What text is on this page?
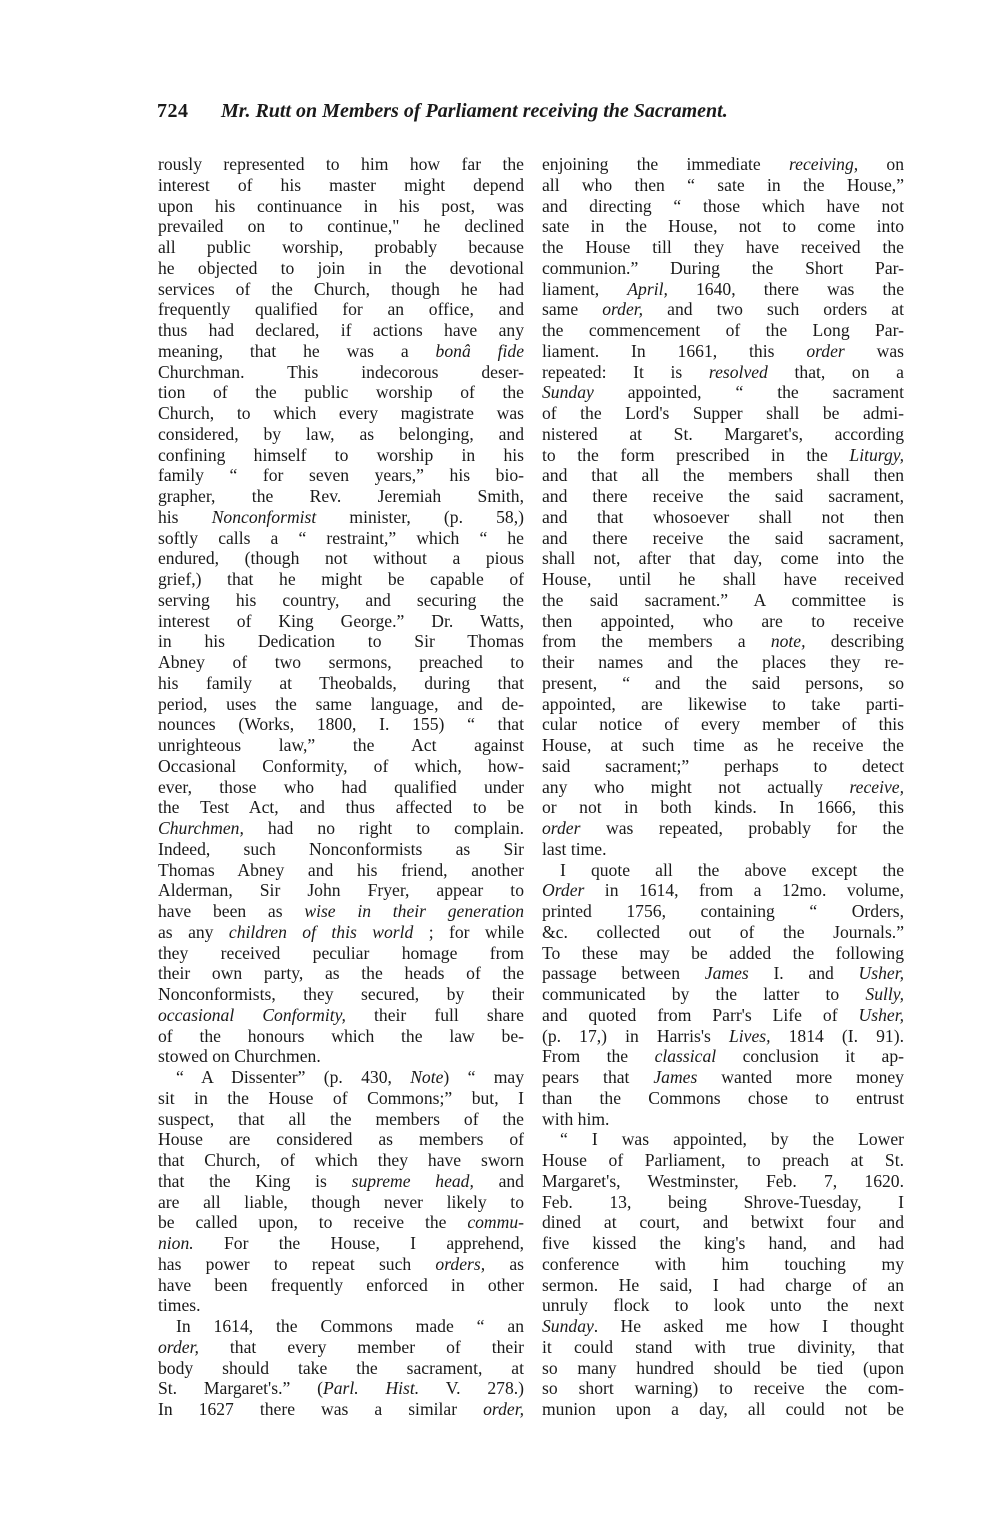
724 Mr. Rutt on Members of Parliament receiving the Sacrament.
rously represented to him how far the
interest of his master might depend
upon his continuance in his post, was
prevailed on to continue," he declined
all public worship, probably because
he objected to join in the devotional
services of the Church, though he had
frequently qualified for an office, and
thus had declared, if actions have any
meaning, that he was a bonâ fide
Churchman. This indecorous deser-
tion of the public worship of the
Church, to which every magistrate was
considered, by law, as belonging, and
confining himself to worship in his
family “ for seven years,” his bio-
grapher, the Rev. Jeremiah Smith,
his Nonconformist minister, (p. 58,)
softly calls a “ restraint,” which “ he
endured, (though not without a pious
grief,) that he might be capable of
serving his country, and securing the
interest of King George.” Dr. Watts,
in his Dedication to Sir Thomas
Abney of two sermons, preached to
his family at Theobalds, during that
period, uses the same language, and de-
nounces (Works, 1800, I. 155) “ that
unrighteous law,” the Act against
Occasional Conformity, of which, how-
ever, those who had qualified under
the Test Act, and thus affected to be
Churchmen, had no right to complain.
Indeed, such Nonconformists as Sir
Thomas Abney and his friend, another
Alderman, Sir John Fryer, appear to
have been as wise in their generation
as any children of this world ; for while
they received peculiar homage from
their own party, as the heads of the
Nonconformists, they secured, by their
occasional Conformity, their full share
of the honours which the law be-
stowed on Churchmen.
“ A Dissenter” (p. 430, Note) “ may
sit in the House of Commons;” but, I
suspect, that all the members of the
House are considered as members of
that Church, of which they have sworn
that the King is supreme head, and
are all liable, though never likely to
be called upon, to receive the commu-
nion. For the House, I apprehend,
has power to repeat such orders, as
have been frequently enforced in other
times.
In 1614, the Commons made “ an
order, that every member of their
body should take the sacrament, at
St. Margaret's.” (Parl. Hist. V. 278.)
In 1627 there was a similar order,
enjoining the immediate receiving, on
all who then “ sate in the House,”
and directing “ those which have not
sate in the House, not to come into
the House till they have received the
communion.” During the Short Par-
liament, April, 1640, there was the
same order, and two such orders at
the commencement of the Long Par-
liament. In 1661, this order was
repeated: It is resolved that, on a
Sunday appointed, “ the sacrament
of the Lord's Supper shall be admi-
nistered at St. Margaret's, according
to the form prescribed in the Liturgy,
and that all the members shall then
and there receive the said sacrament,
and that whosoever shall not then
and there receive the said sacrament,
shall not, after that day, come into the
House, until he shall have received
the said sacrament.” A committee is
then appointed, who are to receive
from the members a note, describing
their names and the places they re-
present, “ and the said persons, so
appointed, are likewise to take parti-
cular notice of every member of this
House, at such time as he receive the
said sacrament;” perhaps to detect
any who might not actually receive,
or not in both kinds. In 1666, this
order was repeated, probably for the
last time.
I quote all the above except the
Order in 1614, from a 12mo. volume,
printed 1756, containing “ Orders,
&c. collected out of the Journals.”
To these may be added the following
passage between James I. and Usher,
communicated by the latter to Sully,
and quoted from Parr's Life of Usher,
(p. 17,) in Harris's Lives, 1814 (I. 91).
From the classical conclusion it ap-
pears that James wanted more money
than the Commons chose to entrust
with him.
“ I was appointed, by the Lower
House of Parliament, to preach at St.
Margaret's, Westminster, Feb. 7, 1620.
Feb. 13, being Shrove-Tuesday, I
dined at court, and betwixt four and
five kissed the king's hand, and had
conference with him touching my
sermon. He said, I had charge of an
unruly flock to look unto the next
Sunday. He asked me how I thought
it could stand with true divinity, that
so many hundred should be tied (upon
so short warning) to receive the com-
munion upon a day, all could not be
